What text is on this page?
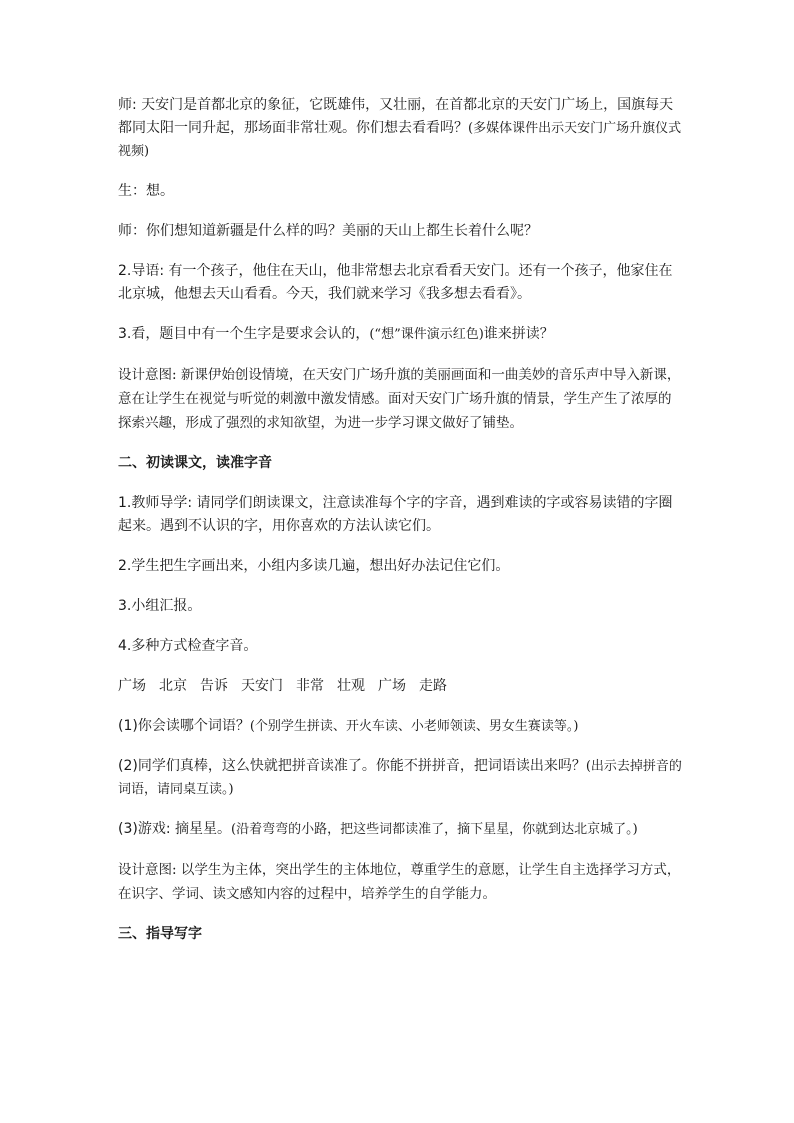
师: 天安门是首都北京的象征，它既雄伟，又壮丽，在首都北京的天安门广场上，国旗每天都同太阳一同升起，那场面非常壮观。你们想去看看吗？(多媒体课件出示天安门广场升旗仪式视频)

生：想。

师：你们想知道新疆是什么样的吗？美丽的天山上都生长着什么呢？

2.导语: 有一个孩子，他住在天山，他非常想去北京看看天安门。还有一个孩子，他家住在北京城，他想去天山看看。今天，我们就来学习《我多想去看看》。

3.看，题目中有一个生字是要求会认的，(“想”课件演示红色)谁来拼读？

设计意图: 新课伊始创设情境，在天安门广场升旗的美丽画面和一曲美妙的音乐声中导入新课，意在让学生在视觉与听觉的刺激中激发情感。面对天安门广场升旗的情景，学生产生了浓厚的探索兴趣，形成了强烈的求知欲望，为进一步学习课文做好了铺垫。

二、初读课文，读准字音

1.教师导学: 请同学们朗读课文，注意读准每个字的字音，遇到难读的字或容易读错的字圈起来。遇到不认识的字，用你喜欢的方法认读它们。

2.学生把生字画出来，小组内多读几遍，想出好办法记住它们。

3.小组汇报。

4.多种方式检查字音。

广场 北京 告诉 天安门 非常 壮观 广场 走路

(1)你会读哪个词语？(个别学生拼读、开火车读、小老师领读、男女生赛读等。)

(2)同学们真棒，这么快就把拼音读准了。你能不拼拼音，把词语读出来吗？(出示去掉拼音的词语，请同桌互读。)

(3)游戏: 摘星星。(沿着弯弯的小路，把这些词都读准了，摘下星星，你就到达北京城了。)

设计意图: 以学生为主体，突出学生的主体地位，尊重学生的意愿，让学生自主选择学习方式，在识字、学词、读文感知内容的过程中，培养学生的自学能力。

三、指导写字
